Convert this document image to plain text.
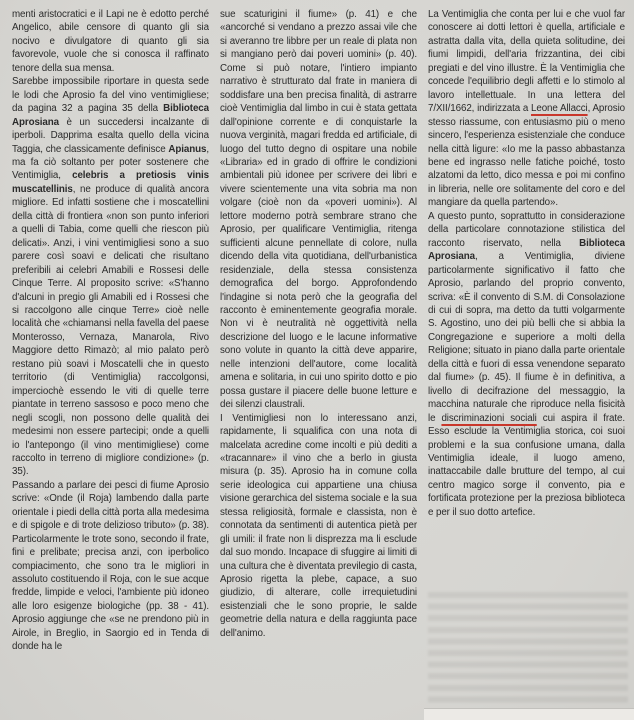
menti aristocratici e il Lapi ne è edotto perché Angelico, abile censore di quanto gli sia nocivo e divulgatore di quanto gli sia favorevole, vuole che si conosca il raffinato tenore della sua mensa.

Sarebbe impossibile riportare in questa sede le lodi che Aprosio fa del vino ventimigliese; da pagina 32 a pagina 35 della Biblioteca Aprosiana è un succedersi incalzante di iperboli. Dapprima esalta quello della vicina Taggia, che classicamente definisce Apianus, ma fa ciò soltanto per poter sostenere che Ventimiglia, celebris a pretiosis vinis muscatellinis, ne produce di qualità ancora migliore. Ed infatti sostiene che i moscatellini della città di frontiera «non son punto inferiori a quelli di Tabia, come quelli che riescon più delicati». Anzi, i vini ventimigliesi sono a suo parere così soavi e delicati che risultano preferibili ai celebri Amabili e Rossesi delle Cinque Terre. Al proposito scrive: «S'hanno d'alcuni in pregio gli Amabili ed i Rossesi che si raccolgono alle cinque Terre» cioè nelle località che «chiamansi nella favella del paese Monterosso, Vernaza, Manarola, Rivo Maggiore detto Rimazò; al mio palato però restano più soavi i Moscatelli che in questo territorio (di Ventimiglia) raccolgonsi, imperciochè essendo le viti di quelle terre piantate in terreno sassoso e poco meno che negli scogli, non possono delle qualità dei medesimi non essere partecipi; onde a quelli io l'antepongo (il vino mentimigliese) come raccolto in terreno di migliore condizione» (p. 35).

Passando a parlare dei pesci di fiume Aprosio scrive: «Onde (il Roja) lambendo dalla parte orientale i piedi della città porta alla medesima e di spigole e di trote delizioso tributo» (p. 38). Particolarmente le trote sono, secondo il frate, fini e prelibate; precisa anzi, con iperbolico compiacimento, che sono tra le migliori in assoluto costituendo il Roja, con le sue acque fredde, limpide e veloci, l'ambiente più idoneo alle loro esigenze biologiche (pp. 38 - 41). Aprosio aggiunge che «se ne prendono più in Airole, in Breglio, in Saorgio ed in Tenda di donde ha le

sue scaturigini il fiume» (p. 41) e che «ancorché si vendano a prezzo assai vile che si averanno tre libbre per un reale di plata non si mangiano però dai poveri uomini» (p. 40). Come si può notare, l'intiero impianto narrativo è strutturato dal frate in maniera di soddisfare una ben precisa finalità, di astrarre cioè Ventimiglia dal limbo in cui è stata gettata dall'opinione corrente e di conquistarle la nuova verginità, magari fredda ed artificiale, di luogo del tutto degno di ospitare una nobile «Libraria» ed in grado di offrire le condizioni ambientali più idonee per scrivere dei libri e vivere scientemente una vita sobria ma non volgare (cioè non da «poveri uomini»). Al lettore moderno potrà sembrare strano che Aprosio, per qualificare Ventimiglia, ritenga sufficienti alcune pennellate di colore, nulla dicendo della vita quotidiana, dell'urbanistica residenziale, della stessa consistenza demografica del borgo. Approfondendo l'indagine si nota però che la geografia del racconto è eminentemente geografia morale. Non vi è neutralità nè oggettività nella descrizione del luogo e le lacune informative sono volute in quanto la città deve apparire, nelle intenzioni dell'autore, come località amena e solitaria, in cui uno spirito dotto e pio possa gustare il piacere delle buone letture e dei silenzi claustrali.

I Ventimigliesi non lo interessano anzi, rapidamente, li squalifica con una nota di malcelata acredine come incolti e più dediti a «tracannare» il vino che a berlo in giusta misura (p. 35). Aprosio ha in comune colla serie ideologica cui appartiene una chiusa visione gerarchica del sistema sociale e la sua stessa religiosità, formale e classista, non è connotata da sentimenti di autentica pietà per gli umili: il frate non li disprezza ma li esclude dal suo mondo. Incapace di sfuggire ai limiti di una cultura che è diventata previlegio di casta, Aprosio rigetta la plebe, capace, a suo giudizio, di alterare, colle irrequietudini esistenziali che le sono proprie, le salde geometrie della natura e della raggiunta pace dell'animo.

La Ventimiglia che conta per lui e che vuol far conoscere ai dotti lettori è quella, artificiale e astratta dalla vita, della quieta solitudine, dei fiumi limpidi, dell'aria frizzantina, dei cibi pregiati e del vino illustre. È la Ventimiglia che concede l'equilibrio degli affetti e lo stimolo al lavoro intellettuale. In una lettera del 7/XII/1662, indirizzata a Leone Allacci, Aprosio stesso riassume, con entusiasmo più o meno sincero, l'esperienza esistenziale che conduce nella città ligure: «Io me la passo abbastanza bene ed ingrasso nelle fatiche poiché, tosto alzatomi da letto, dico messa e poi mi confino in libreria, nelle ore solitamente del coro e del mangiare da quella partendo».

A questo punto, soprattutto in considerazione della particolare connotazione stilistica del racconto riservato, nella Biblioteca Aprosiana, a Ventimiglia, diviene particolarmente significativo il fatto che Aprosio, parlando del proprio convento, scriva: «È il convento di S.M. di Consolazione di cui di sopra, ma detto da tutti volgarmente S. Agostino, uno dei più belli che si abbia la Congregazione e superiore a molti della Religione; situato in piano dalla parte orientale della città e fuori di essa venendone separato dal fiume» (p. 45). Il fiume è in definitiva, a livello di decifrazione del messaggio, la macchina naturale che riproduce nella fisicità le discriminazioni sociali cui aspira il frate. Esso esclude la Ventimiglia storica, coi suoi problemi e la sua confusione umana, dalla Ventimiglia ideale, il luogo ameno, inattaccabile dalle brutture del tempo, al cui centro magico sorge il convento, pia e fortificata protezione per la preziosa biblioteca e per il suo dotto artefice.
